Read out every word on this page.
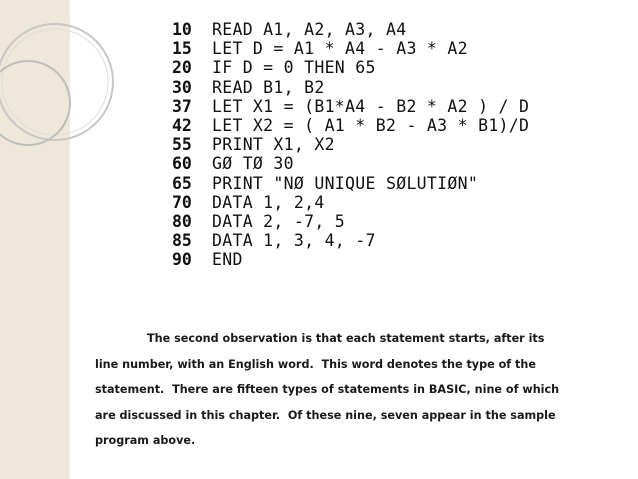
10	READ A1, A2, A3, A4
15	LET D = A1 * A4 - A3 * A2
20	IF D = 0 THEN 65
30	READ B1, B2
37	LET X1 = (B1*A4 - B2 * A2 ) / D
42	LET X2 = ( A1 * B2 - A3 * B1)/D
55	PRINT X1, X2
60	GØ TØ 30
65	PRINT "NØ UNIQUE SØLUTIØN"
70	DATA 1, 2,4
80	DATA 2, -7, 5
85	DATA 1, 3, 4, -7
90	END
The second observation is that each statement starts, after its
line number, with an English word.  This word denotes the type of the
statement.  There are fifteen types of statements in BASIC, nine of which
are discussed in this chapter.  Of these nine, seven appear in the sample
program above.
